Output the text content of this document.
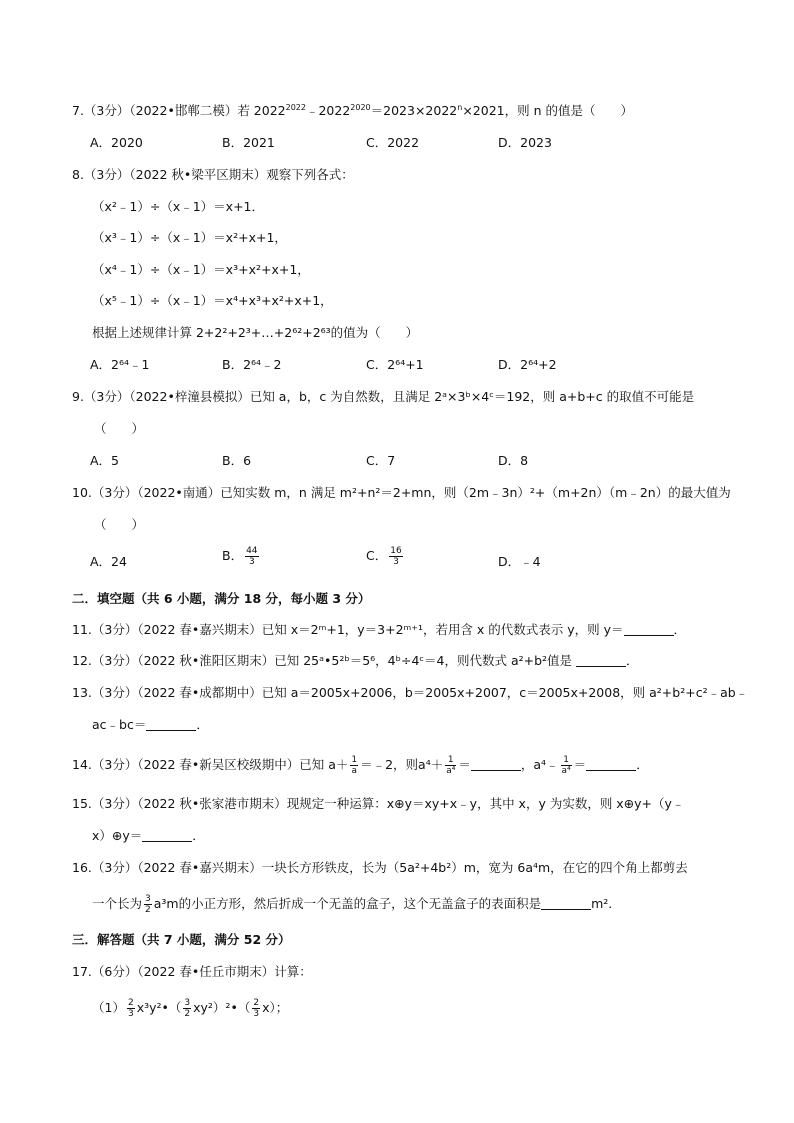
7.（3分）（2022•邯郸二模）若 $2022^{2022}﹣2022^{2020}=2023\times 2022^n\times 2021$，则 n 的值是（　　）
A．2020	B．2021	C．2022	D．2023
8.（3分）（2022 秋•梁平区期末）观察下列各式：
（x²﹣1）÷（x﹣1）＝x+1．
（x³﹣1）÷（x﹣1）＝x²+x+1，
（x⁴﹣1）÷（x﹣1）＝x³+x²+x+1，
（x⁵﹣1）÷（x﹣1）＝x⁴+x³+x²+x+1，
根据上述规律计算 2+2²+2³+…+2⁶²+2⁶³的值为（　　）
A．2⁶⁴﹣1	B．2⁶⁴﹣2	C．2⁶⁴+1	D．2⁶⁴+2
9.（3分）（2022•梓潼县模拟）已知 a，b，c 为自然数，且满足 2ᵃ×3ᵇ×4ᶜ＝192，则 a+b+c 的取值不可能是
（　　）
A．5	B．6	C．7	D．8
10.（3分）（2022•南通）已知实数 m，n 满足 m²+n²＝2+mn，则（2m﹣3n）²+（m+2n）（m﹣2n）的最大值为
（　　）
A．24	B． $\frac{44}{3}$	C． $\frac{16}{3}$	D．﹣4
二．填空题（共 6 小题，满分 18 分，每小题 3 分）
11.（3分）（2022 春•嘉兴期末）已知 x＝2ᵐ+1，y＝3+2ᵐ⁺¹，若用含 x 的代数式表示 y，则 y＝	．
12.（3分）（2022 秋•淮阳区期末）已知 25ᵃ•5²ᵇ＝5⁶，4ᵇ÷4ᶜ＝4，则代数式 a²+b²值是	．
13.（3分）（2022 春•成都期中）已知 a＝2005x+2006，b＝2005x+2007，c＝2005x+2008，则 a²+b²+c²﹣ab﹣
ac﹣bc＝	．
14.（3分）（2022 春•新吴区校级期中）已知 $a+ \frac{1}{a}$ ＝﹣2，则$a^4+ \frac{1}{\text{a⁴}}$ ＝	，a⁴﹣ $\frac{1}{\text{a⁴}}$ ＝	．
15.（3分）（2022 秋•张家港市期末）现规定一种运算：x⊕y＝xy+x﹣y，其中 x，y 为实数，则 x⊕y+（y﹣
x）⊕y＝	．
16.（3分）（2022 春•嘉兴期末）一块长方形铁皮，长为（5a²+4b²）m，宽为 6a⁴m，在它的四个角上都剪去
一个长为 $\frac{3}{2} a^3m$的小正方形，然后折成一个无盖的盒子，这个无盖盒子的表面积是	m².
三．解答题（共 7 小题，满分 52 分）
17.（6分）（2022 春•任丘市期末）计算：
$(1) \frac{2}{3}$ x³y²•（ $\frac{3}{2}$ xy²）²•（ $\frac{2}{3} x$）；
